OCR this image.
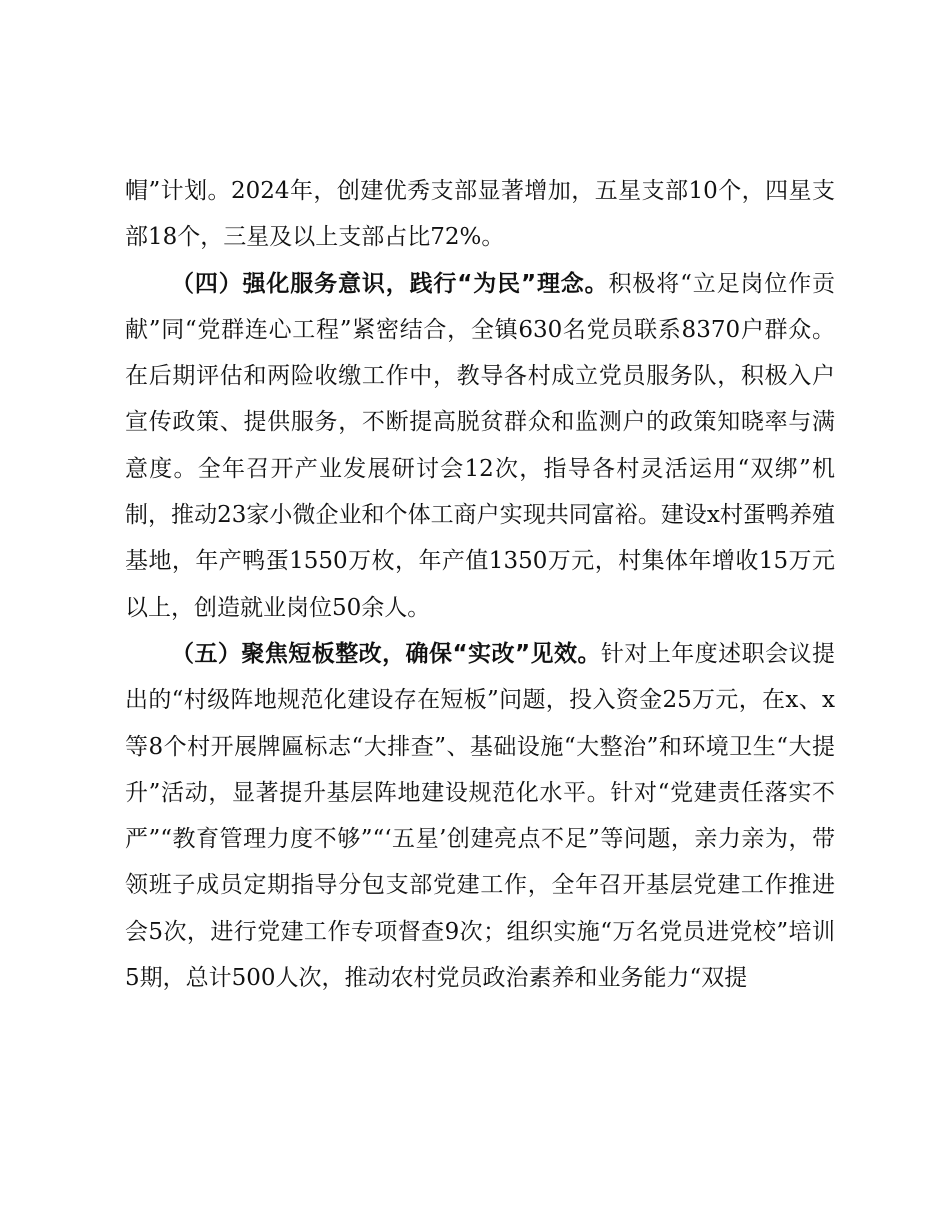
帽”计划。2024年，创建优秀支部显著增加，五星支部10个，四星支部18个，三星及以上支部占比72%。

（四）强化服务意识，践行“为民”理念。积极将“立足岗位作贡献”同“党群连心工程”紧密结合，全镇630名党员联系8370户群众。在后期评估和两险收缴工作中，教导各村成立党员服务队，积极入户宣传政策、提供服务，不断提高脱贫群众和监测户的政策知晓率与满意度。全年召开产业发展研讨会12次，指导各村灵活运用“双绑”机制，推动23家小微企业和个体工商户实现共同富裕。建设x村蛋鸭养殖基地，年产鸭蛋1550万枚，年产值1350万元，村集体年增收15万元以上，创造就业岗位50余人。

（五）聚焦短板整改，确保“实改”见效。针对上年度述职会议提出的“村级阵地规范化建设存在短板”问题，投入资金25万元，在x、x等8个村开展牌匾标志“大排查”、基础设施“大整治”和环境卫生“大提升”活动，显著提升基层阵地建设规范化水平。针对“党建责任落实不严”“教育管理力度不够”“‘五星’创建亮点不足”等问题，亲力亲为，带领班子成员定期指导分包支部党建工作，全年召开基层党建工作推进会5次，进行党建工作专项督查9次；组织实施“万名党员进党校”培训5期，总计500人次，推动农村党员政治素养和业务能力“双提
